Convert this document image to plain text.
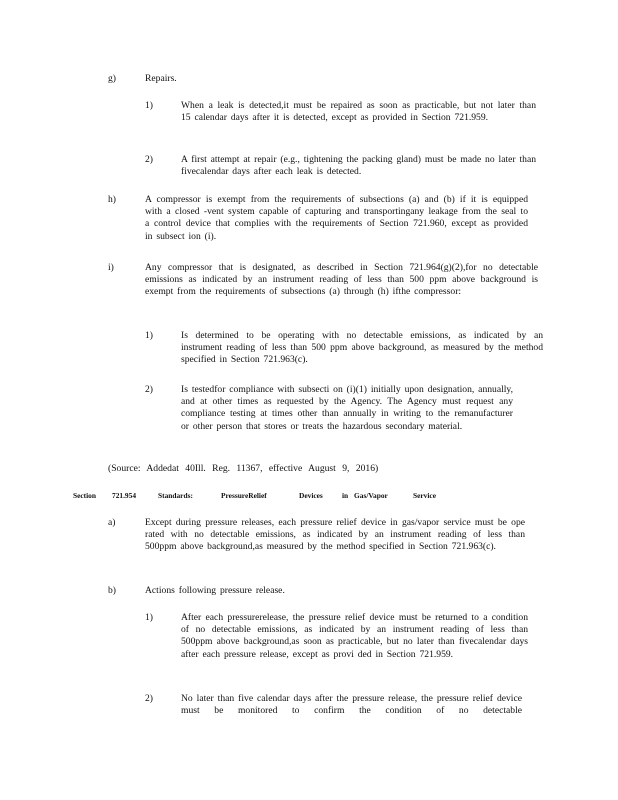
g)	Repairs.
1)	When a leak is detected,it must be repaired as soon as practicable, but not later than 15 calendar days after it is detected, except as provided in Section 721.959.
2)	A first attempt at repair (e.g., tightening the packing gland) must be made no later than fivecalendar days after each leak is detected.
h)	A compressor is exempt from the requirements of subsections (a) and (b) if it is equipped with a closed -vent system capable of capturing and transportingany leakage from the seal to a control device that complies with the requirements of Section 721.960, except as provided in subsect ion (i).
i)	Any compressor that is designated, as described in Section 721.964(g)(2),for no detectable emissions as indicated by an instrument reading of less than 500 ppm above background is exempt from the requirements of subsections (a) through (h) ifthe compressor:
1)	Is determined to be operating with no detectable emissions, as indicated by an instrument reading of less than 500 ppm above background, as measured by the method specified in Section 721.963(c).
2)	Is testedfor compliance with subsecti on (i)(1) initially upon designation, annually, and at other times as requested by the Agency. The Agency must request any compliance testing at times other than annually in writing to the remanufacturer or other person that stores or treats the hazardous secondary material.
(Source: Addedat 40Ill. Reg. 11367, effective August 9, 2016)
Section 721.954	Standards:	PressureRelief	Devices	in Gas/Vapor	Service
a)	Except during pressure releases, each pressure relief device in gas/vapor service must be ope rated with no detectable emissions, as indicated by an instrument reading of less than 500ppm above background,as measured by the method specified in Section 721.963(c).
b)	Actions following pressure release.
1)	After each pressurerelease, the pressure relief device must be returned to a condition of no detectable emissions, as indicated by an instrument reading of less than 500ppm above background,as soon as practicable, but no later than fivecalendar days after each pressure release, except as provi ded in Section 721.959.
2)	No later than five calendar days after the pressure release, the pressure relief device must be monitored to confirm the condition of no detectable
